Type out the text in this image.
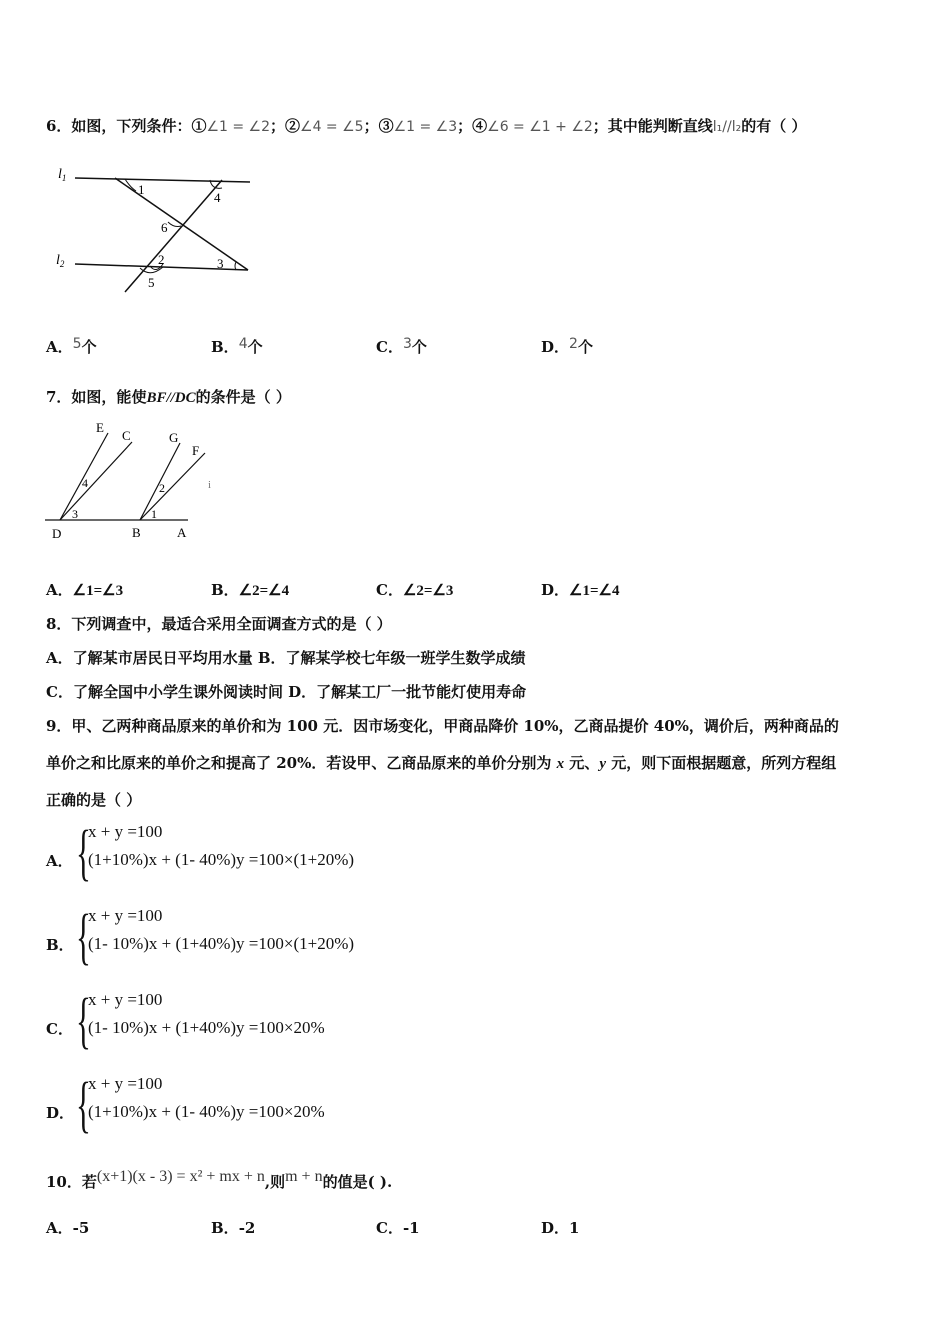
6．如图，下列条件：①∠1 = ∠2；②∠4 = ∠5；③∠1 = ∠3；④∠6 = ∠1 + ∠2；其中能判断直线l₁//l₂的有（ ）
$l_1$
$l_2$
1
4
6
2	3
5
A．5个	B．4个	C．3个	D．2个
7．如图，能使BF//DC的条件是（ ）
E
C	G
F
D	B	A
4
3
2
1
i
A．∠1=∠3	B．∠2=∠4	C．∠2=∠3	D．∠1=∠4
8．下列调查中，最适合采用全面调查方式的是（ ）
A．了解某市居民日平均用水量 B．了解某学校七年级一班学生数学成绩
C．了解全国中小学生课外阅读时间 D．了解某工厂一批节能灯使用寿命
9．甲、乙两种商品原来的单价和为 100 元．因市场变化，甲商品降价 10%，乙商品提价 40%，调价后，两种商品的
单价之和比原来的单价之和提高了 20%．若设甲、乙商品原来的单价分别为 x 元、y 元，则下面根据题意，所列方程组
正确的是（ ）
A． {
x + y =100
(1+10%)x + (1- 40%)y =100×(1+20%)
B． {
x + y =100
(1- 10%)x + (1+40%)y =100×(1+20%)
C． {
x + y =100
(1- 10%)x + (1+40%)y =100×20%
D． {
x + y =100
(1+10%)x + (1- 40%)y =100×20%
10．若(x+1)(x - 3) = x² + mx + n,则m + n的值是( ).
A．-5	B．-2	C．-1	D．1
